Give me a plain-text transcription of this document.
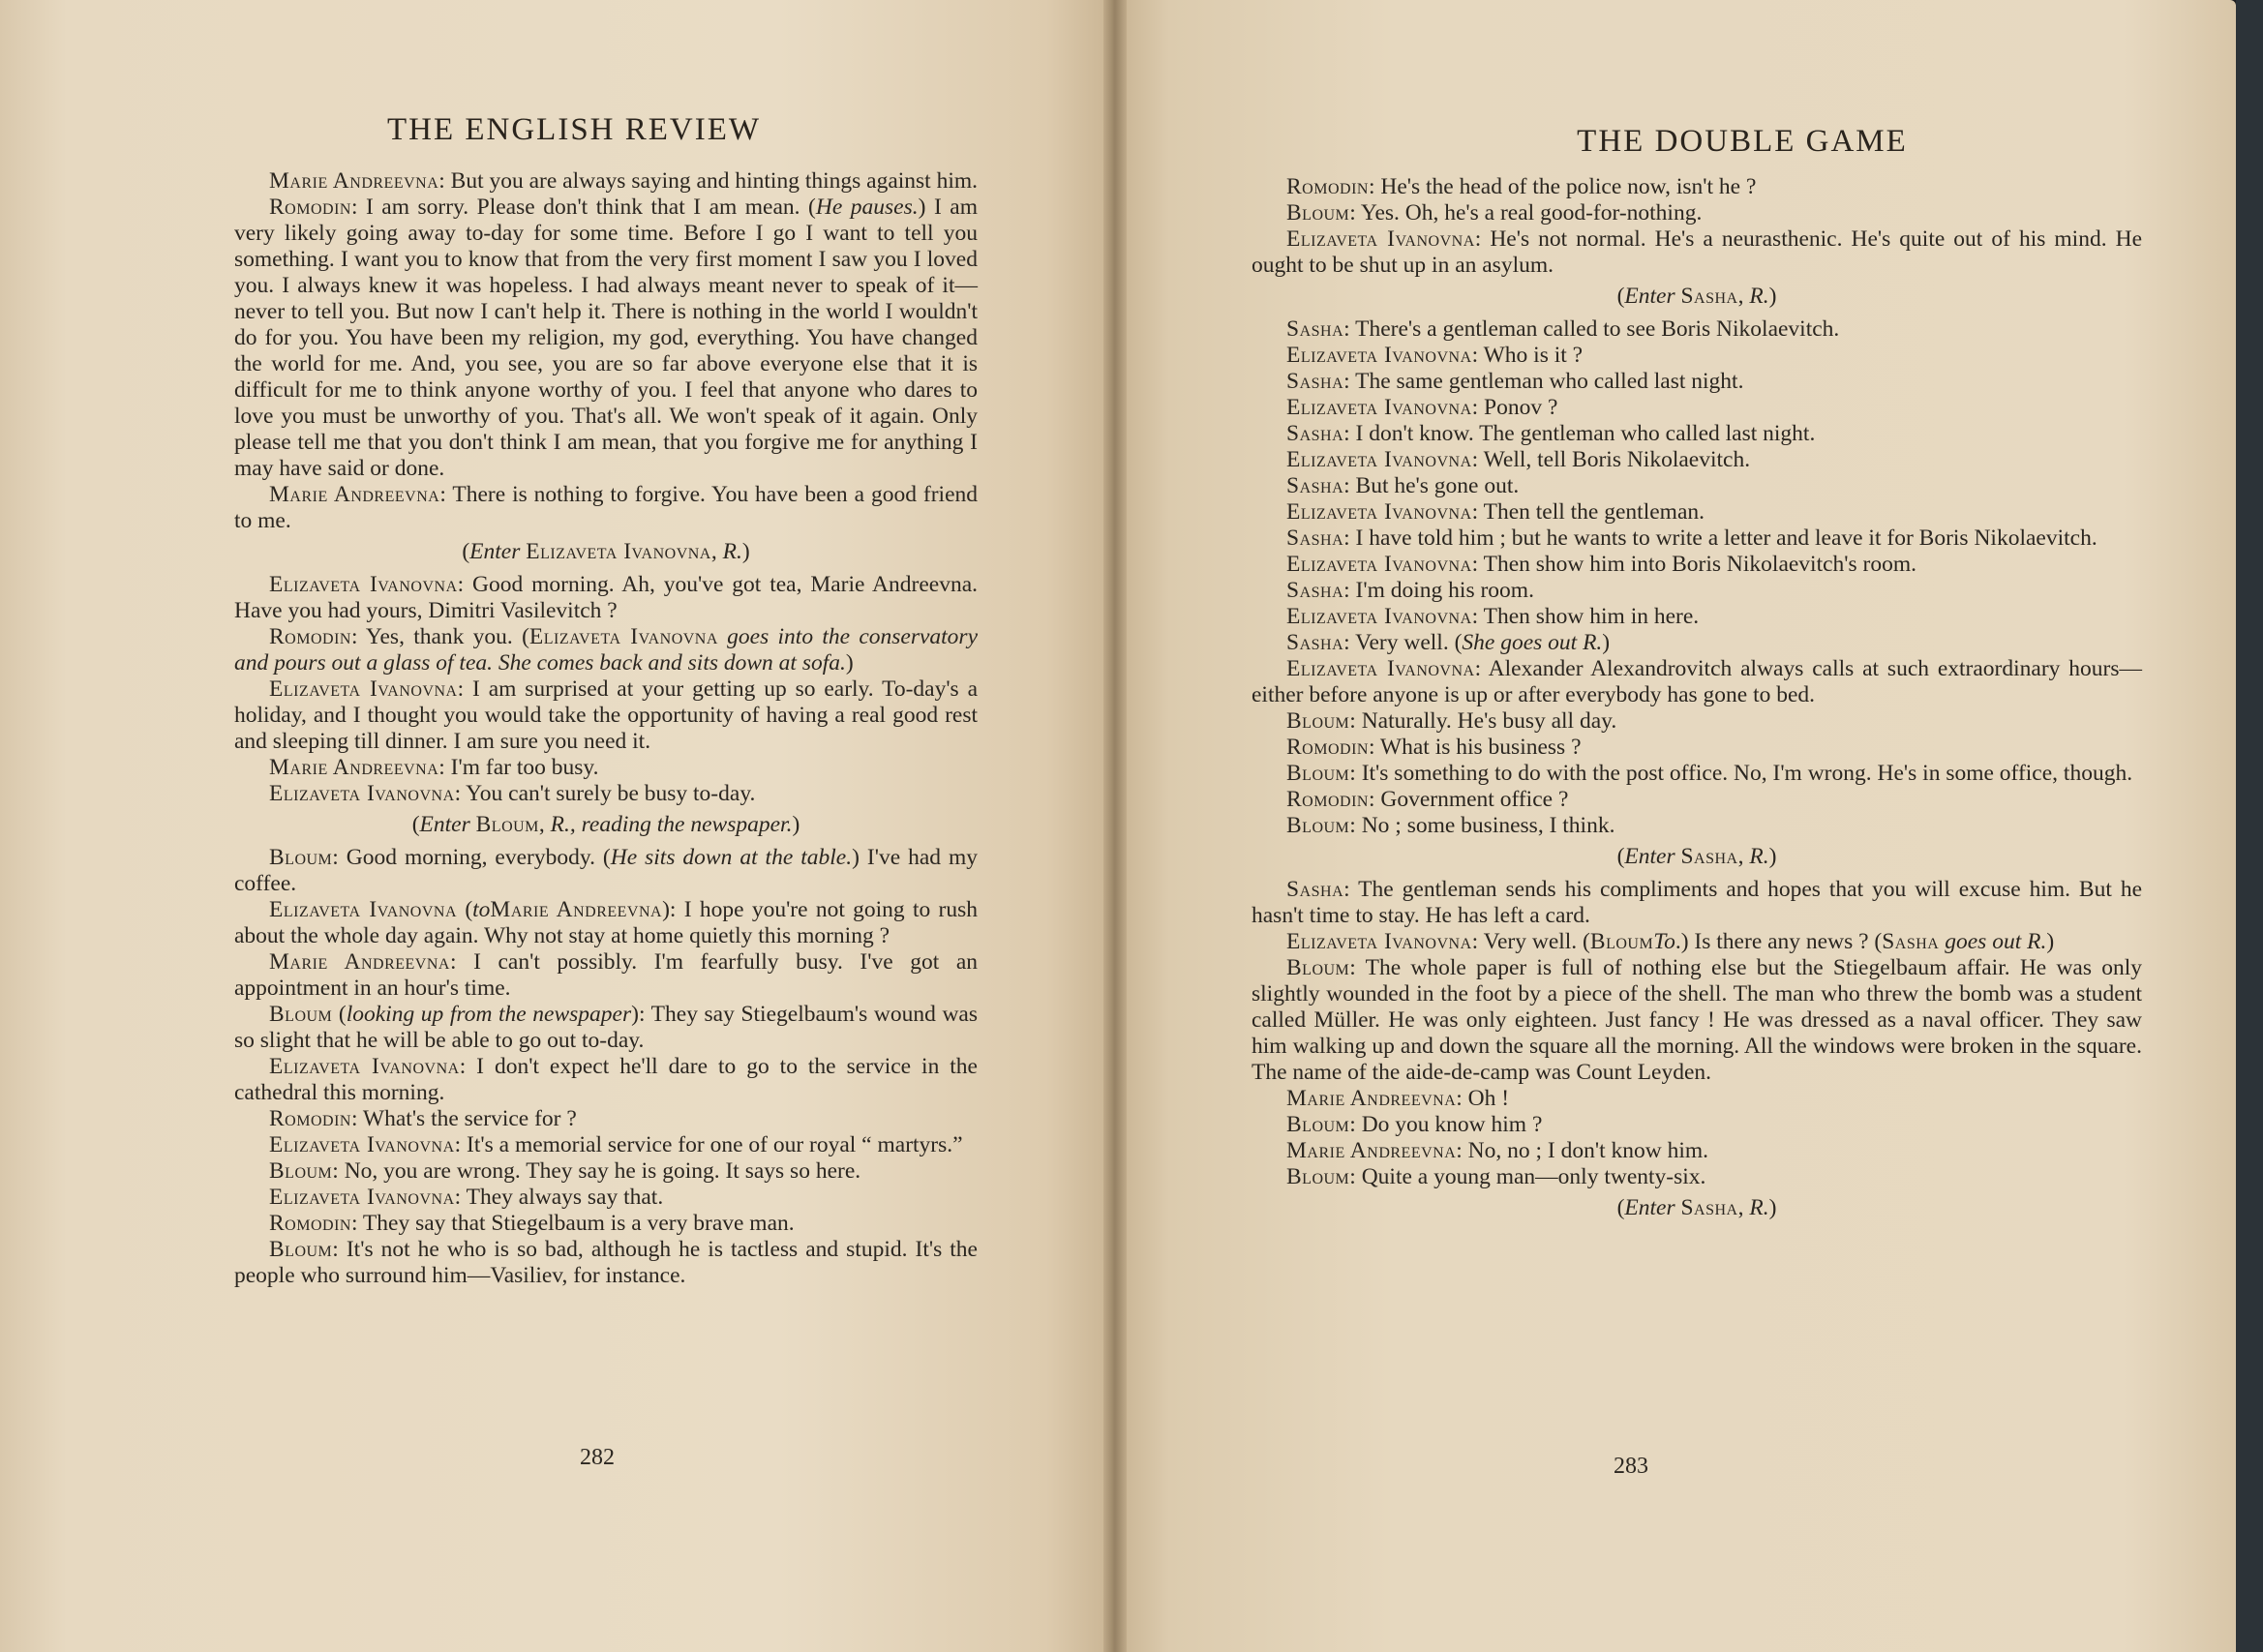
THE ENGLISH REVIEW

Marie Andreevna: But you are always saying and hinting things against him.

Romodin: I am sorry. Please don't think that I am mean. (He pauses.) I am very likely going away to-day for some time. Before I go I want to tell you something. I want you to know that from the very first moment I saw you I loved you. I always knew it was hopeless. I had always meant never to speak of it—never to tell you. But now I can't help it. There is nothing in the world I wouldn't do for you. You have been my religion, my god, everything. You have changed the world for me. And, you see, you are so far above everyone else that it is difficult for me to think anyone worthy of you. I feel that anyone who dares to love you must be unworthy of you. That's all. We won't speak of it again. Only please tell me that you don't think I am mean, that you forgive me for anything I may have said or done.

Marie Andreevna: There is nothing to forgive. You have been a good friend to me.

(Enter Elizaveta Ivanovna, R.)

Elizaveta Ivanovna: Good morning. Ah, you've got tea, Marie Andreevna. Have you had yours, Dimitri Vasilevitch ?

Romodin: Yes, thank you. (Elizaveta Ivanovna goes into the conservatory and pours out a glass of tea. She comes back and sits down at sofa.)

Elizaveta Ivanovna: I am surprised at your getting up so early. To-day's a holiday, and I thought you would take the opportunity of having a real good rest and sleeping till dinner. I am sure you need it.

Marie Andreevna: I'm far too busy.

Elizaveta Ivanovna: You can't surely be busy to-day.

(Enter Bloum, R., reading the newspaper.)

Bloum: Good morning, everybody. (He sits down at the table.) I've had my coffee.

Elizaveta Ivanovna (toMarie Andreevna): I hope you're not going to rush about the whole day again. Why not stay at home quietly this morning ?

Marie Andreevna: I can't possibly. I'm fearfully busy. I've got an appointment in an hour's time.

Bloum (looking up from the newspaper): They say Stiegelbaum's wound was so slight that he will be able to go out to-day.

Elizaveta Ivanovna: I don't expect he'll dare to go to the service in the cathedral this morning.

Romodin: What's the service for ?

Elizaveta Ivanovna: It's a memorial service for one of our royal “ martyrs.”

Bloum: No, you are wrong. They say he is going. It says so here.

Elizaveta Ivanovna: They always say that.

Romodin: They say that Stiegelbaum is a very brave man.

Bloum: It's not he who is so bad, although he is tactless and stupid. It's the people who surround him—Vasiliev, for instance.

282
THE DOUBLE GAME

Romodin: He's the head of the police now, isn't he ?

Bloum: Yes. Oh, he's a real good-for-nothing.

Elizaveta Ivanovna: He's not normal. He's a neurasthenic. He's quite out of his mind. He ought to be shut up in an asylum.

(Enter Sasha, R.)

Sasha: There's a gentleman called to see Boris Nikolaevitch.

Elizaveta Ivanovna: Who is it ?

Sasha: The same gentleman who called last night.

Elizaveta Ivanovna: Ponov ?

Sasha: I don't know. The gentleman who called last night.

Elizaveta Ivanovna: Well, tell Boris Nikolaevitch.

Sasha: But he's gone out.

Elizaveta Ivanovna: Then tell the gentleman.

Sasha: I have told him ; but he wants to write a letter and leave it for Boris Nikolaevitch.

Elizaveta Ivanovna: Then show him into Boris Nikolaevitch's room.

Sasha: I'm doing his room.

Elizaveta Ivanovna: Then show him in here.

Sasha: Very well. (She goes out R.)

Elizaveta Ivanovna: Alexander Alexandrovitch always calls at such extraordinary hours—either before anyone is up or after everybody has gone to bed.

Bloum: Naturally. He's busy all day.

Romodin: What is his business ?

Bloum: It's something to do with the post office. No, I'm wrong. He's in some office, though.

Romodin: Government office ?

Bloum: No ; some business, I think.

(Enter Sasha, R.)

Sasha: The gentleman sends his compliments and hopes that you will excuse him. But he hasn't time to stay. He has left a card.

Elizaveta Ivanovna: Very well. (BloumTo.) Is there any news ? (Sasha goes out R.)

Bloum: The whole paper is full of nothing else but the Stiegelbaum affair. He was only slightly wounded in the foot by a piece of the shell. The man who threw the bomb was a student called Müller. He was only eighteen. Just fancy ! He was dressed as a naval officer. They saw him walking up and down the square all the morning. All the windows were broken in the square. The name of the aide-de-camp was Count Leyden.

Marie Andreevna: Oh !

Bloum: Do you know him ?

Marie Andreevna: No, no ; I don't know him.

Bloum: Quite a young man—only twenty-six.

(Enter Sasha, R.)

283
